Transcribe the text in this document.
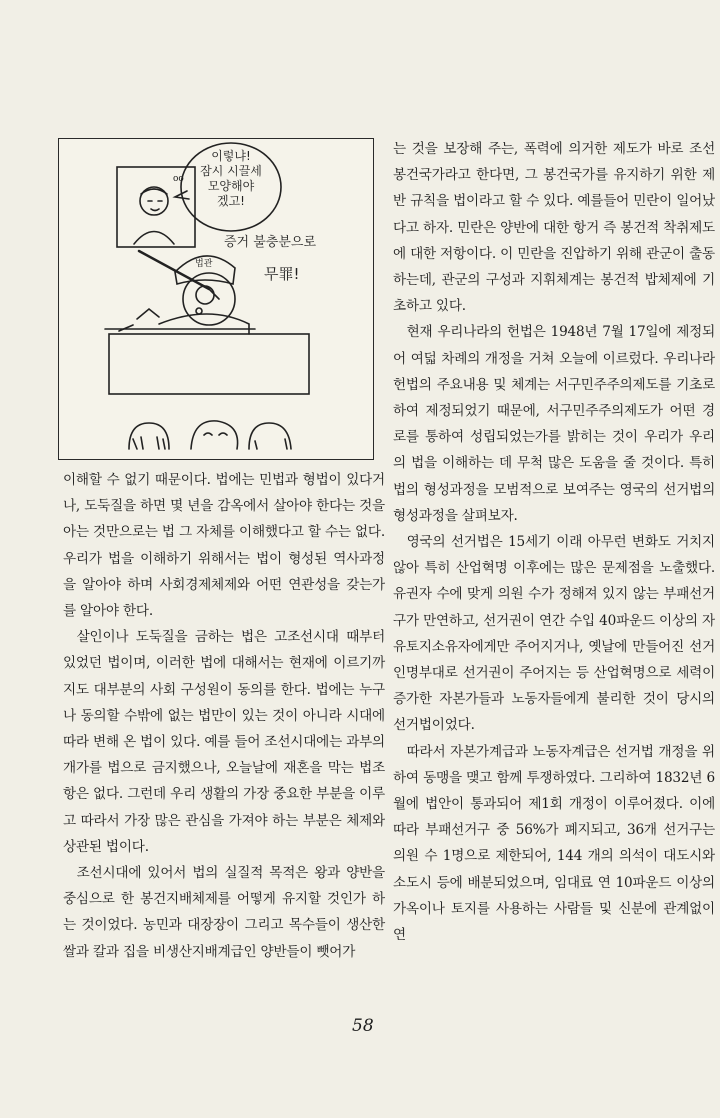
oo
이렇냐!
잠시 시끌세
모양해야
겠고!
증거 불충분으로
무罪!
법관

이해할 수 없기 때문이다. 법에는 민법과 형법이 있다거나, 도둑질을 하면 몇 년을 감옥에서 살아야 한다는 것을 아는 것만으로는 법 그 자체를 이해했다고 할 수는 없다. 우리가 법을 이해하기 위해서는 법이 형성된 역사과정을 알아야 하며 사회경제체제와 어떤 연관성을 갖는가를 알아야 한다.

살인이나 도둑질을 금하는 법은 고조선시대 때부터 있었던 법이며, 이러한 법에 대해서는 현재에 이르기까지도 대부분의 사회 구성원이 동의를 한다. 법에는 누구나 동의할 수밖에 없는 법만이 있는 것이 아니라 시대에 따라 변해 온 법이 있다. 예를 들어 조선시대에는 과부의 개가를 법으로 금지했으나, 오늘날에 재혼을 막는 법조항은 없다. 그런데 우리 생활의 가장 중요한 부분을 이루고 따라서 가장 많은 관심을 가져야 하는 부분은 체제와 상관된 법이다.

조선시대에 있어서 법의 실질적 목적은 왕과 양반을 중심으로 한 봉건지배체제를 어떻게 유지할 것인가 하는 것이었다. 농민과 대장장이 그리고 목수들이 생산한 쌀과 칼과 집을 비생산지배계급인 양반들이 뺏어가

는 것을 보장해 주는, 폭력에 의거한 제도가 바로 조선 봉건국가라고 한다면, 그 봉건국가를 유지하기 위한 제반 규칙을 법이라고 할 수 있다. 예를들어 민란이 일어났다고 하자. 민란은 양반에 대한 항거 즉 봉건적 착취제도에 대한 저항이다. 이 민란을 진압하기 위해 관군이 출동하는데, 관군의 구성과 지휘체계는 봉건적 밥체제에 기초하고 있다.

현재 우리나라의 헌법은 1948년 7월 17일에 제정되어 여덟 차례의 개정을 거쳐 오늘에 이르렀다. 우리나라 헌법의 주요내용 및 체계는 서구민주주의제도를 기초로 하여 제정되었기 때문에, 서구민주주의제도가 어떤 경로를 통하여 성립되었는가를 밝히는 것이 우리가 우리의 법을 이해하는 데 무척 많은 도움을 줄 것이다. 특히 법의 형성과정을 모범적으로 보여주는 영국의 선거법의 형성과정을 살펴보자.

영국의 선거법은 15세기 이래 아무런 변화도 거치지 않아 특히 산업혁명 이후에는 많은 문제점을 노출했다. 유권자 수에 맞게 의원 수가 정해져 있지 않는 부패선거구가 만연하고, 선거권이 연간 수입 40파운드 이상의 자유토지소유자에게만 주어지거나, 옛날에 만들어진 선거인명부대로 선거권이 주어지는 등 산업혁명으로 세력이 증가한 자본가들과 노동자들에게 불리한 것이 당시의 선거법이었다.

따라서 자본가계급과 노동자계급은 선거법 개정을 위하여 동맹을 맺고 함께 투쟁하였다. 그리하여 1832년 6월에 법안이 통과되어 제1회 개정이 이루어졌다. 이에 따라 부패선거구 중 56%가 폐지되고, 36개 선거구는 의원 수 1명으로 제한되어, 144 개의 의석이 대도시와 소도시 등에 배분되었으며, 임대료 연 10파운드 이상의 가옥이나 토지를 사용하는 사람들 및 신분에 관계없이 연

58
